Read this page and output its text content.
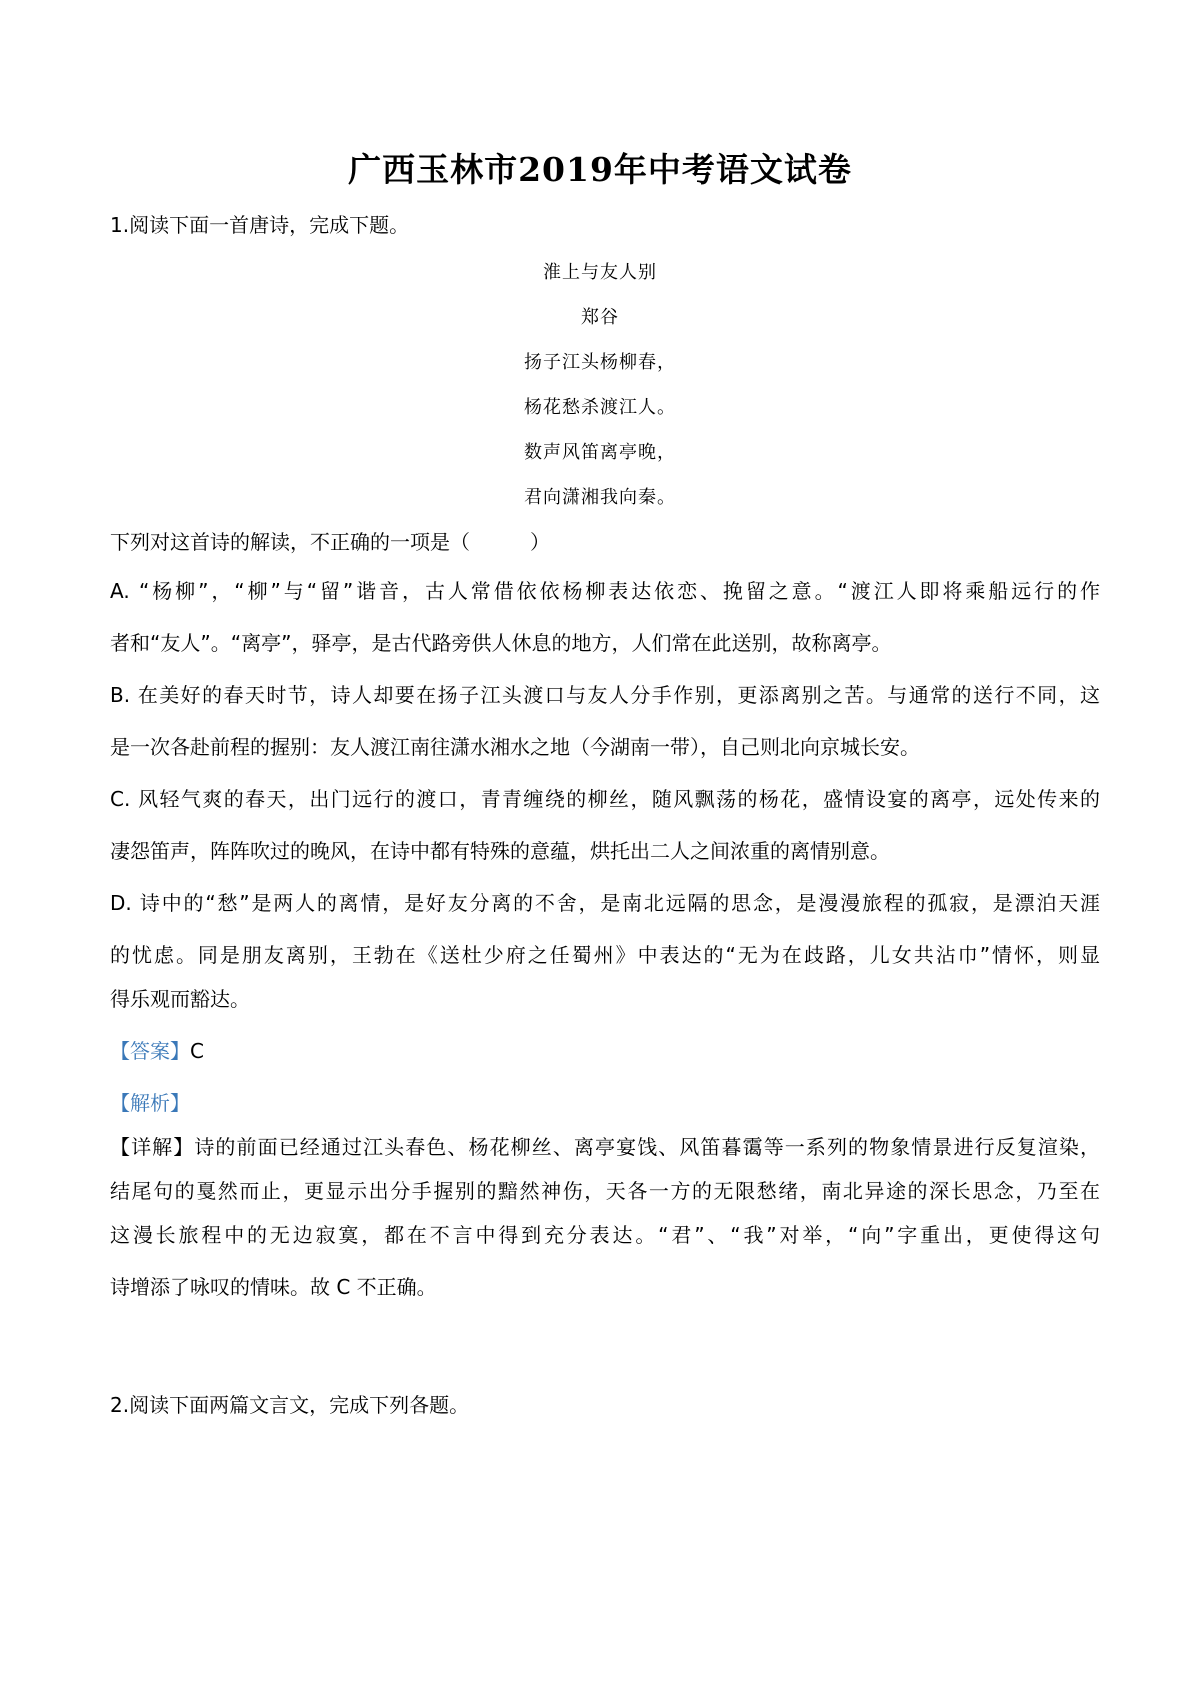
广西玉林市2019年中考语文试卷
1.阅读下面一首唐诗，完成下题。
淮上与友人别
郑谷
扬子江头杨柳春，
杨花愁杀渡江人。
数声风笛离亭晚，
君向潇湘我向秦。
下列对这首诗的解读，不正确的一项是（　　　）
A. “杨柳”，“柳”与“留”谐音，古人常借依依杨柳表达依恋、挽留之意。“渡江人即将乘船远行的作
者和“友人”。“离亭”，驿亭，是古代路旁供人休息的地方，人们常在此送别，故称离亭。
B. 在美好的春天时节，诗人却要在扬子江头渡口与友人分手作别，更添离别之苦。与通常的送行不同，这
是一次各赴前程的握别：友人渡江南往潇水湘水之地（今湖南一带），自己则北向京城长安。
C. 风轻气爽的春天，出门远行的渡口，青青缠绕的柳丝，随风飘荡的杨花，盛情设宴的离亭，远处传来的
凄怨笛声，阵阵吹过的晚风，在诗中都有特殊的意蕴，烘托出二人之间浓重的离情别意。
D. 诗中的“愁”是两人的离情，是好友分离的不舍，是南北远隔的思念，是漫漫旅程的孤寂，是漂泊天涯
的忧虑。同是朋友离别，王勃在《送杜少府之任蜀州》中表达的“无为在歧路，儿女共沾巾”情怀，则显
得乐观而豁达。
【答案】C
【解析】
【详解】诗的前面已经通过江头春色、杨花柳丝、离亭宴饯、风笛暮霭等一系列的物象情景进行反复渲染，
结尾句的戛然而止，更显示出分手握别的黯然神伤，天各一方的无限愁绪，南北异途的深长思念，乃至在
这漫长旅程中的无边寂寞，都在不言中得到充分表达。“君”、“我”对举，“向”字重出，更使得这句
诗增添了咏叹的情味。故 C 不正确。
2.阅读下面两篇文言文，完成下列各题。
